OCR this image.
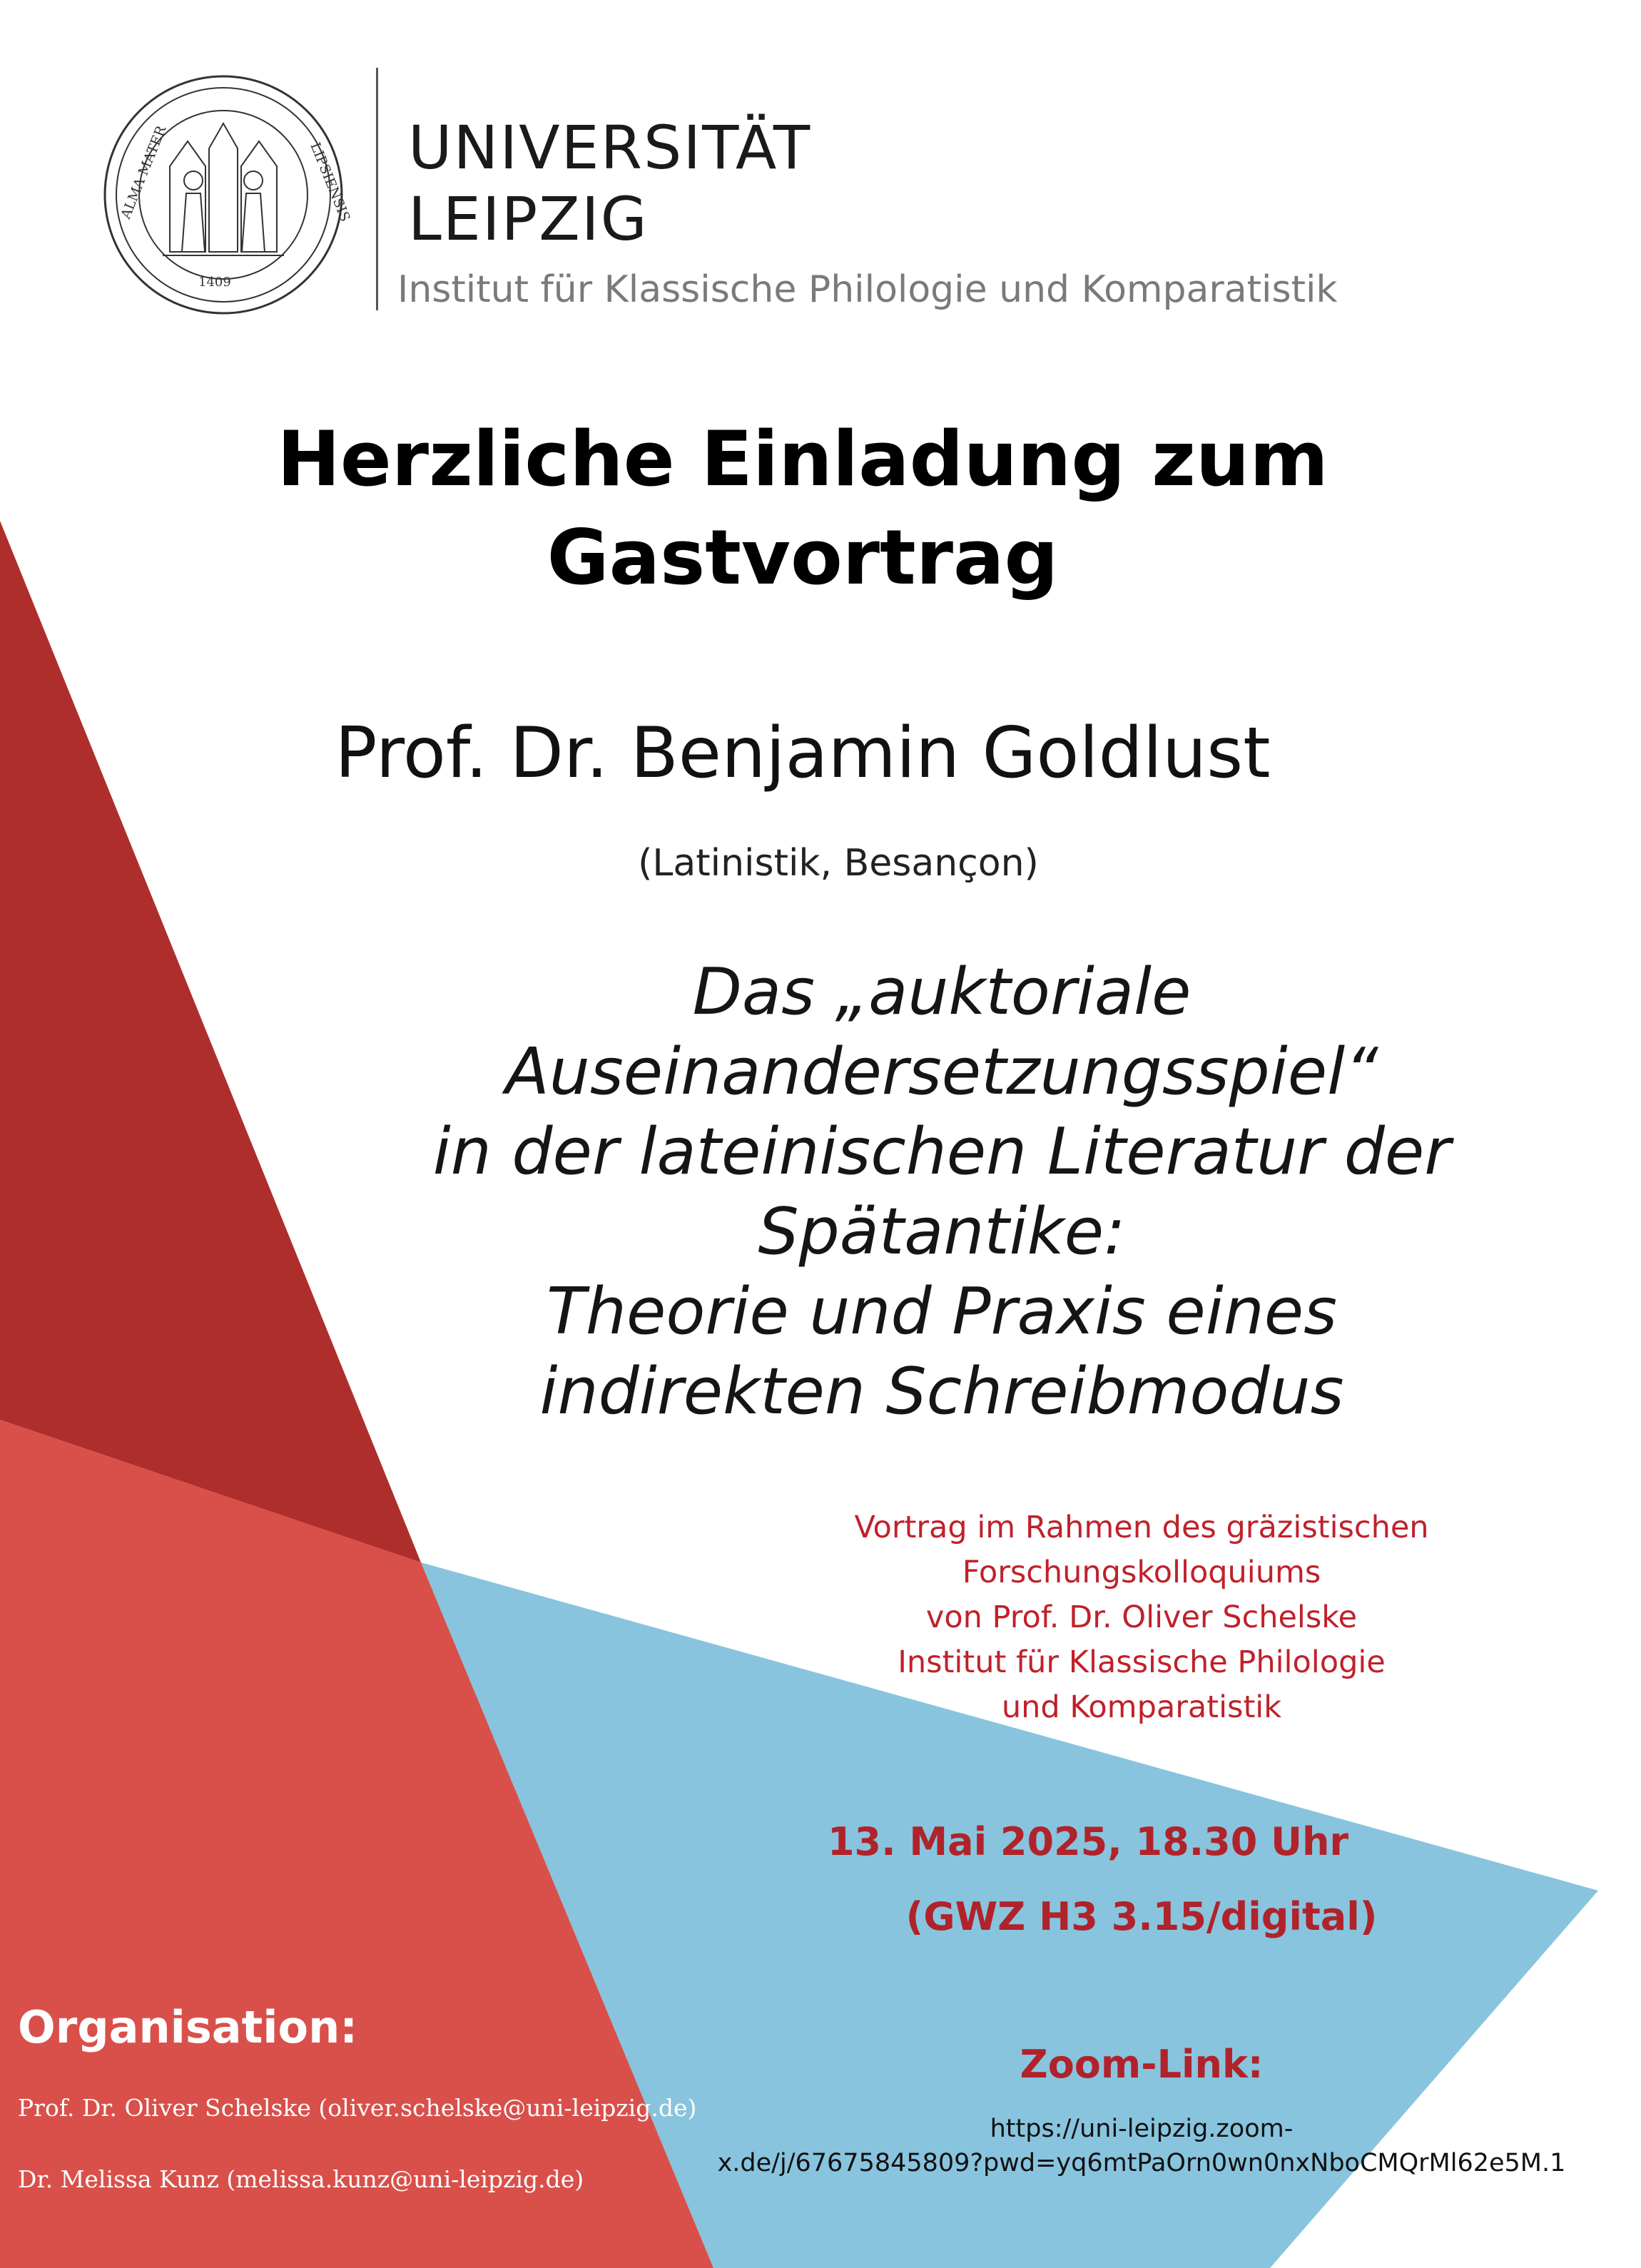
ALMA MATER	LIPSIENSIS
1409
UNIVERSITÄT
LEIPZIG
Institut für Klassische Philologie und Komparatistik
Herzliche Einladung zum
Gastvortrag
Prof. Dr. Benjamin Goldlust
(Latinistik, Besançon)
Das „auktoriale
Auseinandersetzungsspiel“
in der lateinischen Literatur der
Spätantike:
Theorie und Praxis eines
indirekten Schreibmodus
Vortrag im Rahmen des gräzistischen
Forschungskolloquiums
von Prof. Dr. Oliver Schelske
Institut für Klassische Philologie
und Komparatistik
13. Mai 2025, 18.30 Uhr
(GWZ H3 3.15/digital)
Zoom-Link:
https://uni-leipzig.zoom-
x.de/j/67675845809?pwd=yq6mtPaOrn0wn0nxNboCMQrMl62e5M.1
Organisation:
Prof. Dr. Oliver Schelske (oliver.schelske@uni-leipzig.de)
Dr. Melissa Kunz (melissa.kunz@uni-leipzig.de)
